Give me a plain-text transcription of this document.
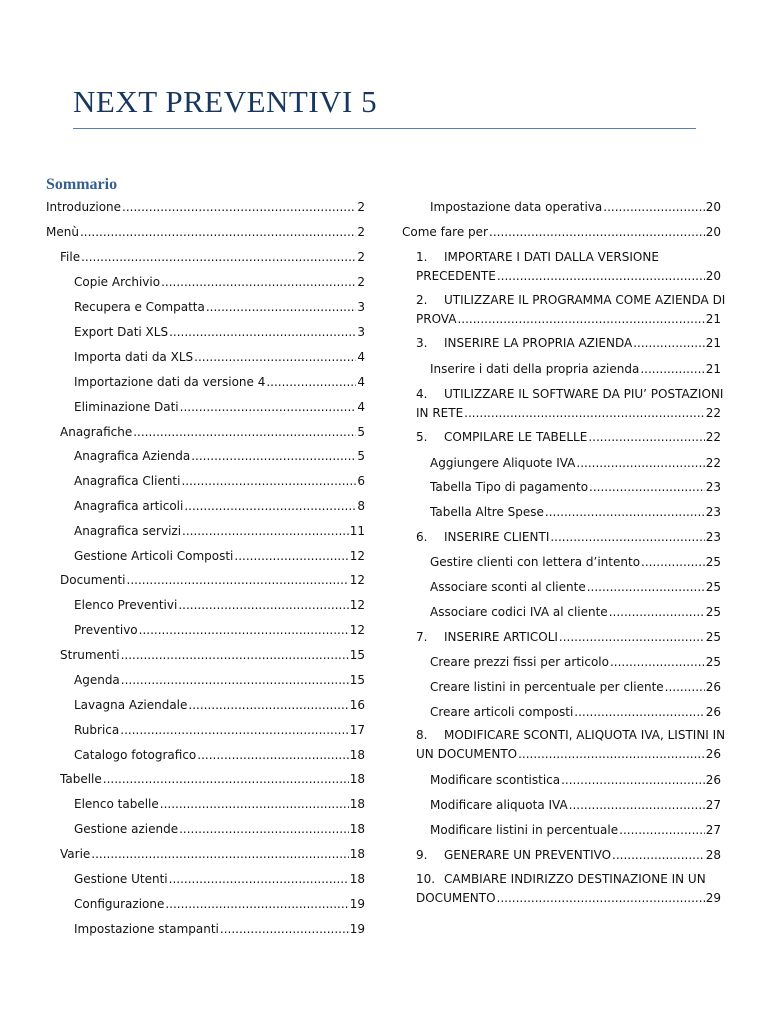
NEXT PREVENTIVI 5
Sommario
Introduzione .....	2
Menù .....	2
File .....	2
Copie Archivio .....	2
Recupera e Compatta .....	3
Export Dati XLS .....	3
Importa dati da XLS .....	4
Importazione dati da versione 4 .....	4
Eliminazione Dati .....	4
Anagrafiche .....	5
Anagrafica Azienda .....	5
Anagrafica Clienti .....	6
Anagrafica articoli .....	8
Anagrafica servizi .....	11
Gestione Articoli Composti .....	12
Documenti .....	12
Elenco Preventivi .....	12
Preventivo .....	12
Strumenti .....	15
Agenda .....	15
Lavagna Aziendale .....	16
Rubrica .....	17
Catalogo fotografico .....	18
Tabelle .....	18
Elenco tabelle .....	18
Gestione aziende .....	18
Varie .....	18
Gestione Utenti .....	18
Configurazione .....	19
Impostazione stampanti .....	19
Impostazione data operativa .....	20
Come fare per .....	20
1. IMPORTARE I DATI DALLA VERSIONE
PRECEDENTE .....	20
2. UTILIZZARE IL PROGRAMMA COME AZIENDA DI
PROVA .....	21
3.	INSERIRE LA PROPRIA AZIENDA .....	21
Inserire i dati della propria azienda .....	21
4. UTILIZZARE IL SOFTWARE DA PIU’ POSTAZIONI
IN RETE .....	22
5.	COMPILARE LE TABELLE .....	22
Aggiungere Aliquote IVA .....	22
Tabella Tipo di pagamento .....	23
Tabella Altre Spese .....	23
6.	INSERIRE CLIENTI .....	23
Gestire clienti con lettera d’intento .....	25
Associare sconti al cliente .....	25
Associare codici IVA al cliente .....	25
7.	INSERIRE ARTICOLI .....	25
Creare prezzi fissi per articolo .....	25
Creare listini in percentuale per cliente .....	26
Creare articoli composti .....	26
8. MODIFICARE SCONTI, ALIQUOTA IVA, LISTINI IN
UN DOCUMENTO .....	26
Modificare scontistica .....	26
Modificare aliquota IVA .....	27
Modificare listini in percentuale .....	27
9.	GENERARE UN PREVENTIVO .....	28
10. CAMBIARE INDIRIZZO DESTINAZIONE IN UN
DOCUMENTO .....	29
